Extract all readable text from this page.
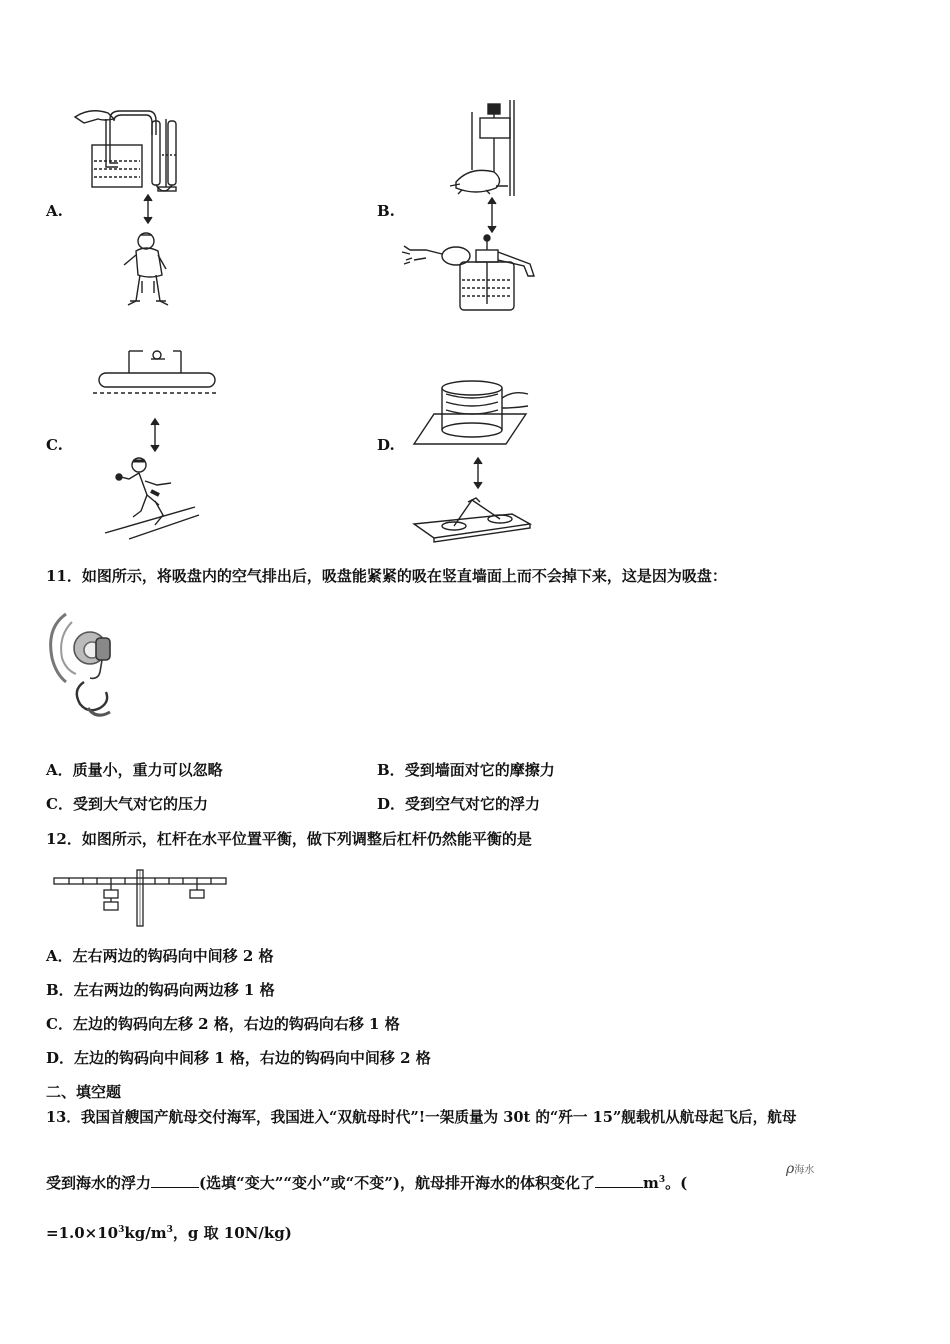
A.	B.
C.	D.
11．如图所示，将吸盘内的空气排出后，吸盘能紧紧的吸在竖直墙面上而不会掉下来，这是因为吸盘：
A．质量小，重力可以忽略	B．受到墙面对它的摩擦力
C．受到大气对它的压力	D．受到空气对它的浮力
12．如图所示，杠杆在水平位置平衡，做下列调整后杠杆仍然能平衡的是
A．左右两边的钩码向中间移 2 格
B．左右两边的钩码向两边移 1 格
C．左边的钩码向左移 2 格，右边的钩码向右移 1 格
D．左边的钩码向中间移 1 格，右边的钩码向中间移 2 格
二、填空题
13．我国首艘国产航母交付海军，我国进入“双航母时代”!一架质量为 30t 的“歼一 15”舰载机从航母起飞后，航母
受到海水的浮力	(选填“变大”“变小”或“不变”)，航母排开海水的体积变化了	$m^3$。(
ρ海水
$=1.0\times 10^3kg/m^3$，g 取 10N/kg)
